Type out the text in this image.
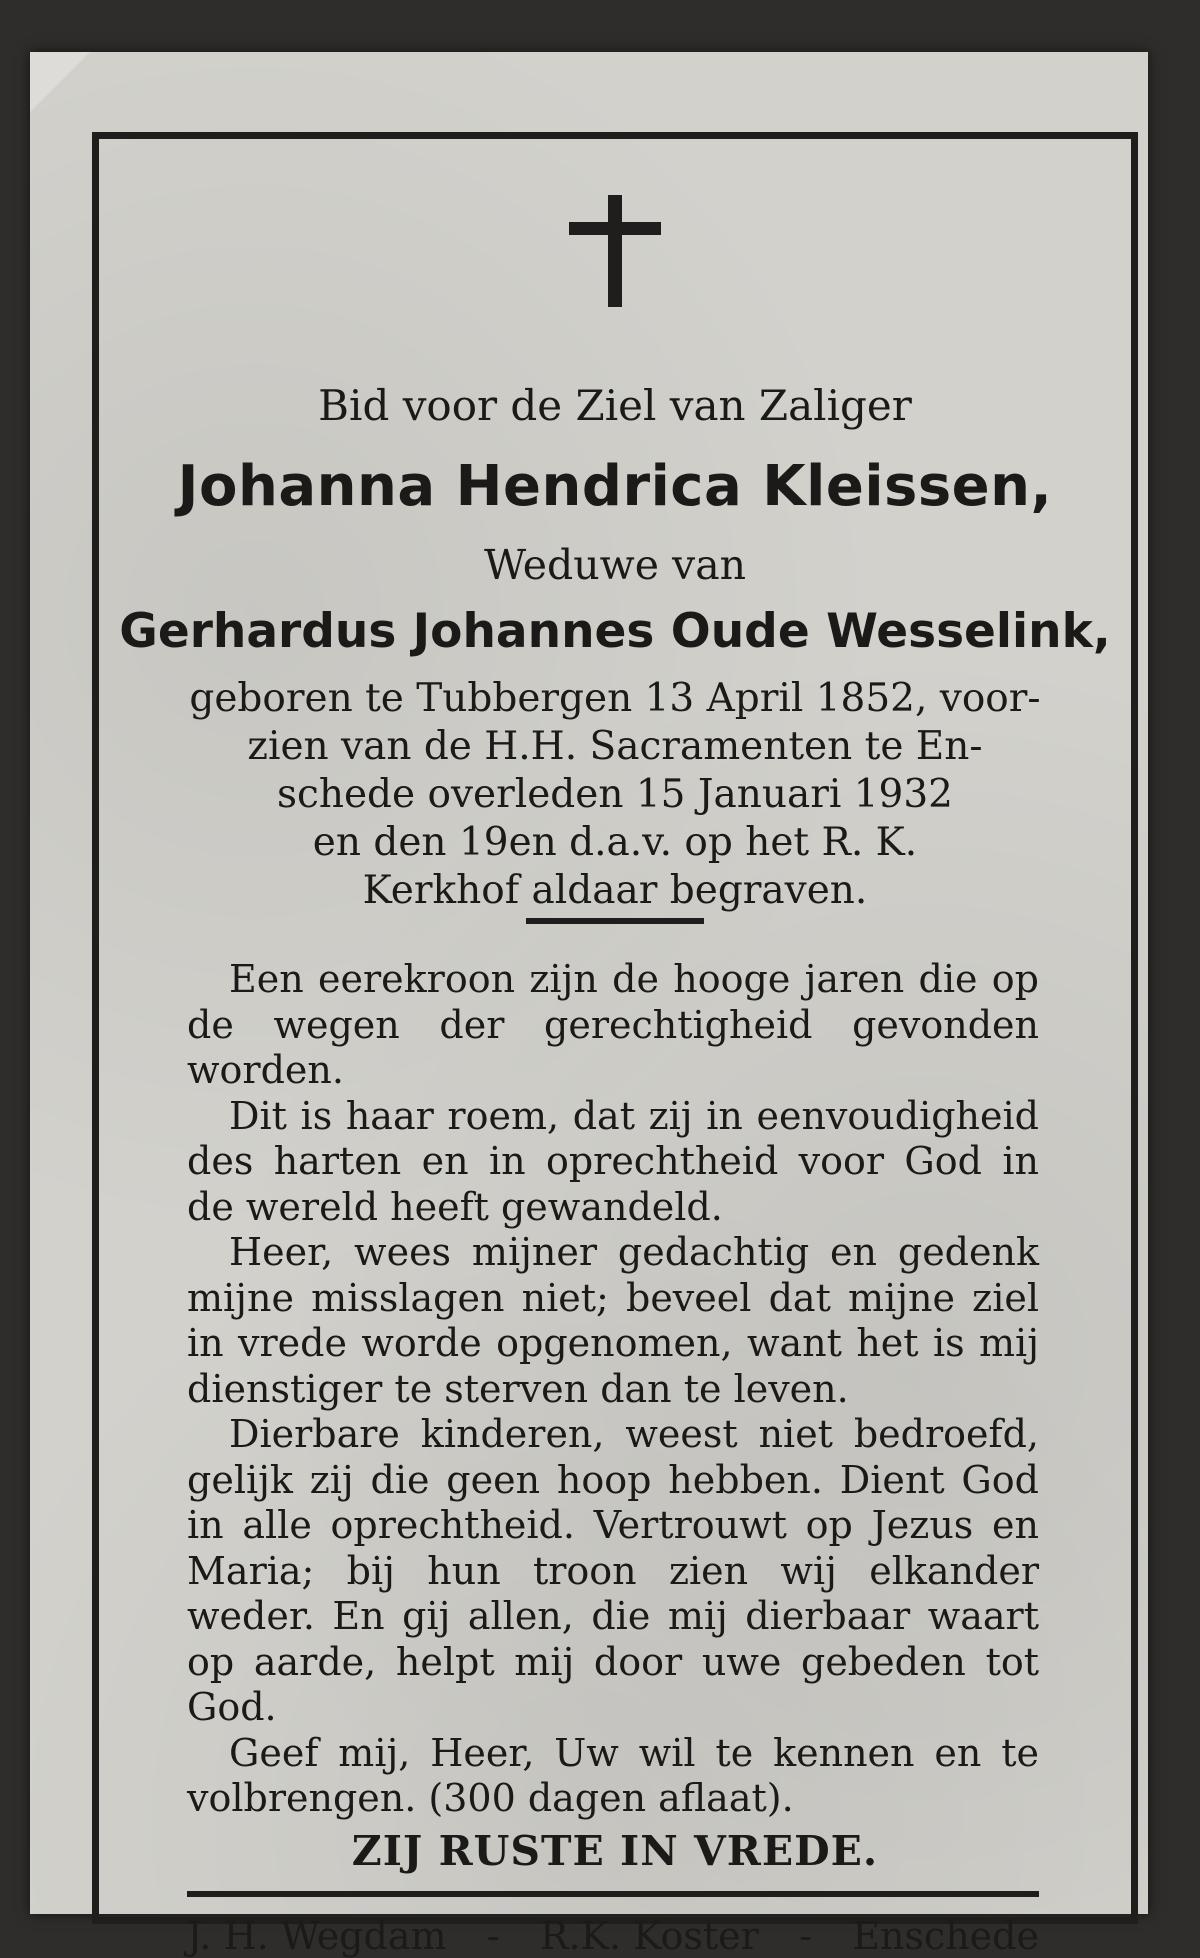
Bid voor de Ziel van Zaliger
Johanna Hendrica Kleissen,
Weduwe van
Gerhardus Johannes Oude Wesselink,
geboren te Tubbergen 13 April 1852, voor-
zien van de H.H. Sacramenten te En-
schede overleden 15 Januari 1932
en den 19en d.a.v. op het R. K.
Kerkhof aldaar begraven.

Een eerekroon zijn de hooge jaren die op de wegen der gerechtigheid gevonden worden.

Dit is haar roem, dat zij in eenvoudigheid des harten en in oprechtheid voor God in de wereld heeft gewandeld.

Heer, wees mijner gedachtig en gedenk mijne misslagen niet; beveel dat mijne ziel in vrede worde opgenomen, want het is mij dienstiger te sterven dan te leven.

Dierbare kinderen, weest niet bedroefd, gelijk zij die geen hoop hebben. Dient God in alle oprechtheid. Vertrouwt op Jezus en Maria; bij hun troon zien wij elkander weder. En gij allen, die mij dierbaar waart op aarde, helpt mij door uwe gebeden tot God.

Geef mij, Heer, Uw wil te kennen en te volbrengen. (300 dagen aflaat).

ZIJ RUSTE IN VREDE.
J. H. Wegdam - R.K. Koster - Enschede
